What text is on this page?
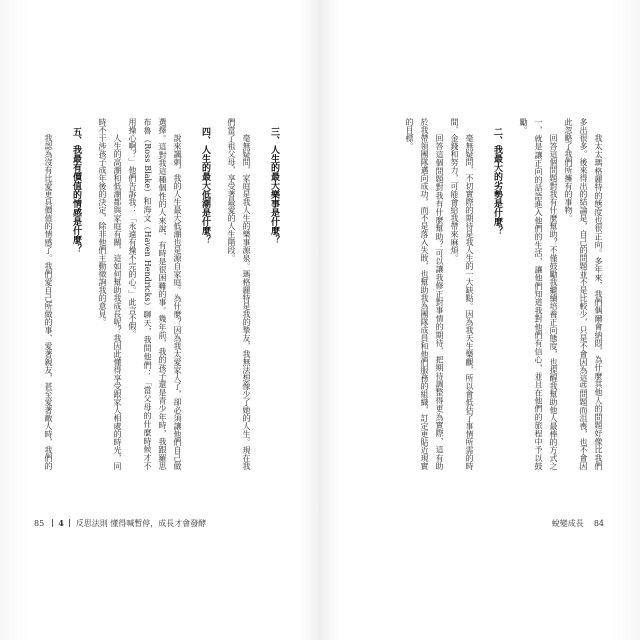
我太太瑪格麗特的態度也很正向。多年來，我們偶爾會納悶，為什麼其他人的問題好像比我們
多出很多。後來得出的結論是，自己的問題並不是比較少，只是不會因為這些問題而沮喪，也不會因
此忽略了我們所擁有的事物。
回答這個問題對我有什麼幫助？不僅鼓勵我繼續培養正向態度，也提醒我幫助他人最棒的方式之
一，就是讓正向的話語進入他們的生活，讓他們知道我對他們有信心，並且在他們的旅程中予以鼓
勵。
二、我最大的劣勢是什麼？
毫無疑問，不切實際的期待是我人生的一大缺點。因為我天生樂觀，所以會低估了事情所需的時
間、金錢和努力，可能會給我帶來麻煩。
回答這個問題對我有什麼幫助？可以讓我修正對事情的期待，把期待調整得更為實際，這有助
於我帶領團隊邁向成功，而不是落入失敗，也幫助我為團隊成員和他們服務的組織，訂定更貼近現實
的目標。
三、人生的最大樂事是什麼？
毫無疑問，家庭是我人生的樂事源泉。瑪格麗特是我的摯友，我無法想像少了她的人生。現在我
們當了祖父母，享受著最愛的人生階段。
四、人生的最大低潮是什麼？
說來諷刺，我的人生最大低潮也是源自家庭。為什麼？因為我太愛家人了，卻必須讓他們自己做
選擇。這對我這種個性的人來說，有時是很困難的事。幾年前，我的孩子還是青少年時，我跟羅思
布魯（Ross Blake）和海文（Haven Hendricks）聊天，我問他們：「當父母的什麼時候才不
用操心啊？」他們告訴我：「永遠有操不完的心。」此言不假。
人生的高潮和低潮都與家庭有關，這如何幫助我成長呢？我因此懂得享受跟家人相處的時光，同
時不干涉孩子成年後的決定，除非他們主動徵詢我的意見。
五、我最有價值的情感是什麼？
我認為沒有比愛更具價值的情感了。我們愛自己所做的事、愛著親友，甚至愛著敵人時，我們的
85 4 反思法則 懂得喊暫停，成長才會發酵	蛻變成長 84
